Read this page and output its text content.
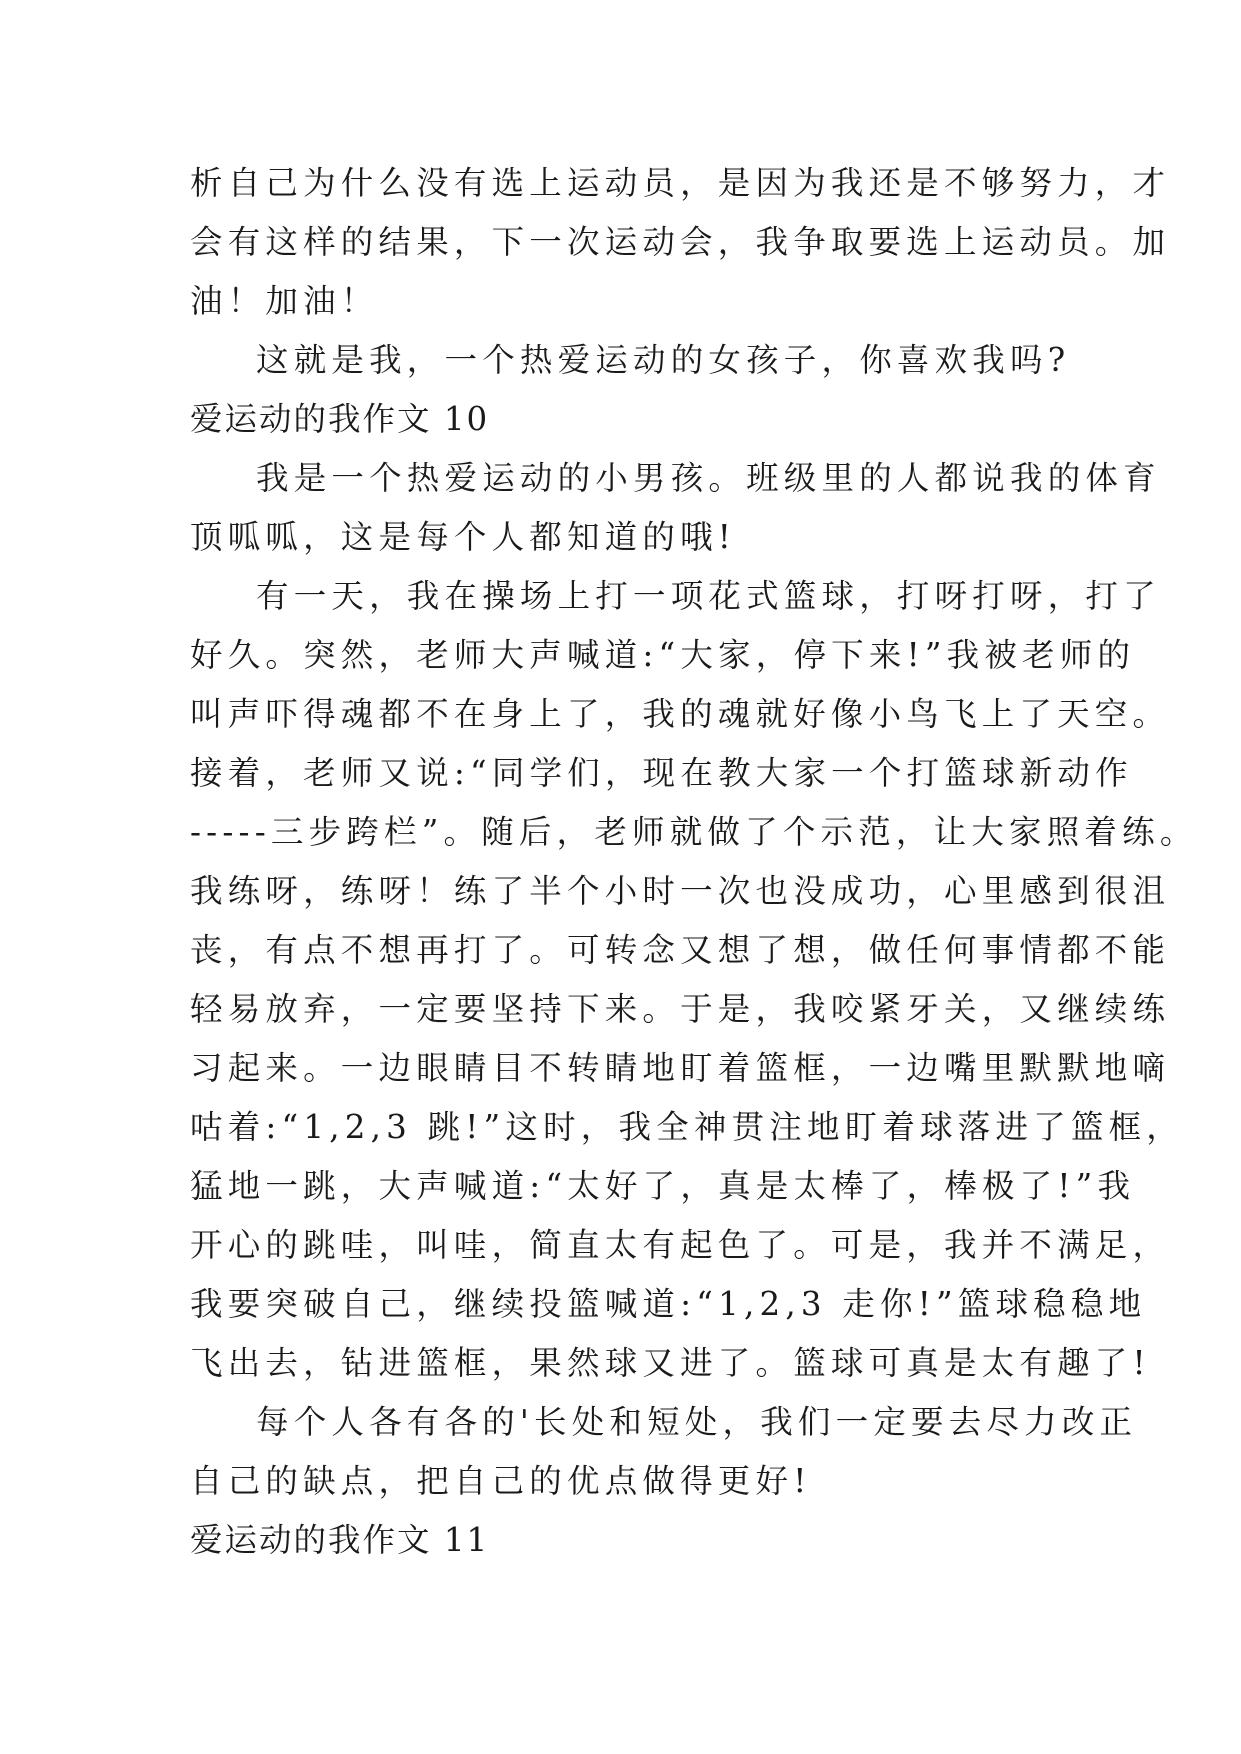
析自己为什么没有选上运动员，是因为我还是不够努力，才
会有这样的结果，下一次运动会，我争取要选上运动员。加
油！加油！
这就是我，一个热爱运动的女孩子，你喜欢我吗?
爱运动的我作文 10
我是一个热爱运动的小男孩。班级里的人都说我的体育
顶呱呱，这是每个人都知道的哦!
有一天，我在操场上打一项花式篮球，打呀打呀，打了
好久。突然，老师大声喊道:“大家，停下来!”我被老师的
叫声吓得魂都不在身上了，我的魂就好像小鸟飞上了天空。
接着，老师又说:“同学们，现在教大家一个打篮球新动作
-----三步跨栏”。随后，老师就做了个示范，让大家照着练。
我练呀，练呀！练了半个小时一次也没成功，心里感到很沮
丧，有点不想再打了。可转念又想了想，做任何事情都不能
轻易放弃，一定要坚持下来。于是，我咬紧牙关，又继续练
习起来。一边眼睛目不转睛地盯着篮框，一边嘴里默默地嘀
咕着:“1,2,3 跳!”这时，我全神贯注地盯着球落进了篮框，
猛地一跳，大声喊道:“太好了，真是太棒了，棒极了!”我
开心的跳哇，叫哇，简直太有起色了。可是，我并不满足，
我要突破自己，继续投篮喊道:“1,2,3 走你!”篮球稳稳地
飞出去，钻进篮框，果然球又进了。篮球可真是太有趣了!
每个人各有各的'长处和短处，我们一定要去尽力改正
自己的缺点，把自己的优点做得更好!
爱运动的我作文 11
